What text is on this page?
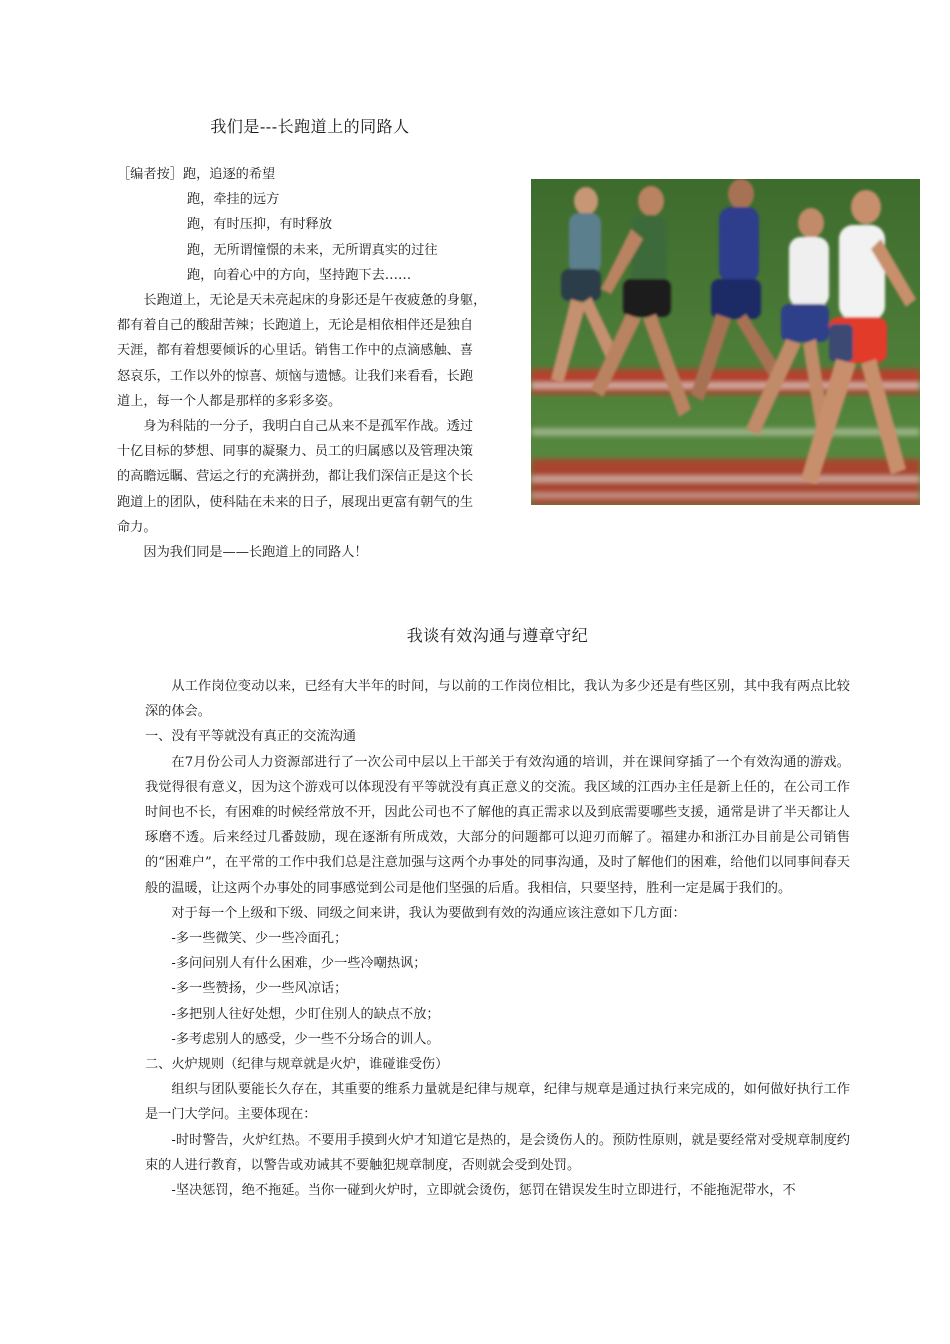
我们是---长跑道上的同路人
［编者按］跑，追逐的希望
跑，牵挂的远方
跑，有时压抑，有时释放
跑，无所谓憧憬的未来，无所谓真实的过往
跑，向着心中的方向，坚持跑下去……
长跑道上，无论是天未亮起床的身影还是午夜疲惫的身躯，
都有着自己的酸甜苦辣；长跑道上，无论是相依相伴还是独自
天涯，都有着想要倾诉的心里话。销售工作中的点滴感触、喜
怒哀乐，工作以外的惊喜、烦恼与遗憾。让我们来看看，长跑
道上，每一个人都是那样的多彩多姿。
身为科陆的一分子，我明白自己从来不是孤军作战。透过
十亿目标的梦想、同事的凝聚力、员工的归属感以及管理决策
的高瞻远瞩、营运之行的充满拼劲，都让我们深信正是这个长
跑道上的团队，使科陆在未来的日子，展现出更富有朝气的生
命力。
因为我们同是——长跑道上的同路人！
我谈有效沟通与遵章守纪

从工作岗位变动以来，已经有大半年的时间，与以前的工作岗位相比，我认为多少还是有些区别，其中我有两点比较深的体会。

一、没有平等就没有真正的交流沟通

在7月份公司人力资源部进行了一次公司中层以上干部关于有效沟通的培训，并在课间穿插了一个有效沟通的游戏。我觉得很有意义，因为这个游戏可以体现没有平等就没有真正意义的交流。我区域的江西办主任是新上任的，在公司工作时间也不长，有困难的时候经常放不开，因此公司也不了解他的真正需求以及到底需要哪些支援，通常是讲了半天都让人琢磨不透。后来经过几番鼓励，现在逐渐有所成效，大部分的问题都可以迎刃而解了。福建办和浙江办目前是公司销售的“困难户”，在平常的工作中我们总是注意加强与这两个办事处的同事沟通，及时了解他们的困难，给他们以同事间春天般的温暖，让这两个办事处的同事感觉到公司是他们坚强的后盾。我相信，只要坚持，胜利一定是属于我们的。

对于每一个上级和下级、同级之间来讲，我认为要做到有效的沟通应该注意如下几方面：

-多一些微笑、少一些冷面孔；

-多问问别人有什么困难，少一些冷嘲热讽；

-多一些赞扬，少一些风凉话；

-多把别人往好处想，少盯住别人的缺点不放；

-多考虑别人的感受，少一些不分场合的训人。

二、火炉规则（纪律与规章就是火炉，谁碰谁受伤）

组织与团队要能长久存在，其重要的维系力量就是纪律与规章，纪律与规章是通过执行来完成的，如何做好执行工作是一门大学问。主要体现在：

-时时警告，火炉红热。不要用手摸到火炉才知道它是热的，是会烫伤人的。预防性原则，就是要经常对受规章制度约束的人进行教育，以警告或劝诫其不要触犯规章制度，否则就会受到处罚。

-坚决惩罚，绝不拖延。当你一碰到火炉时，立即就会烫伤，惩罚在错误发生时立即进行，不能拖泥带水，不
